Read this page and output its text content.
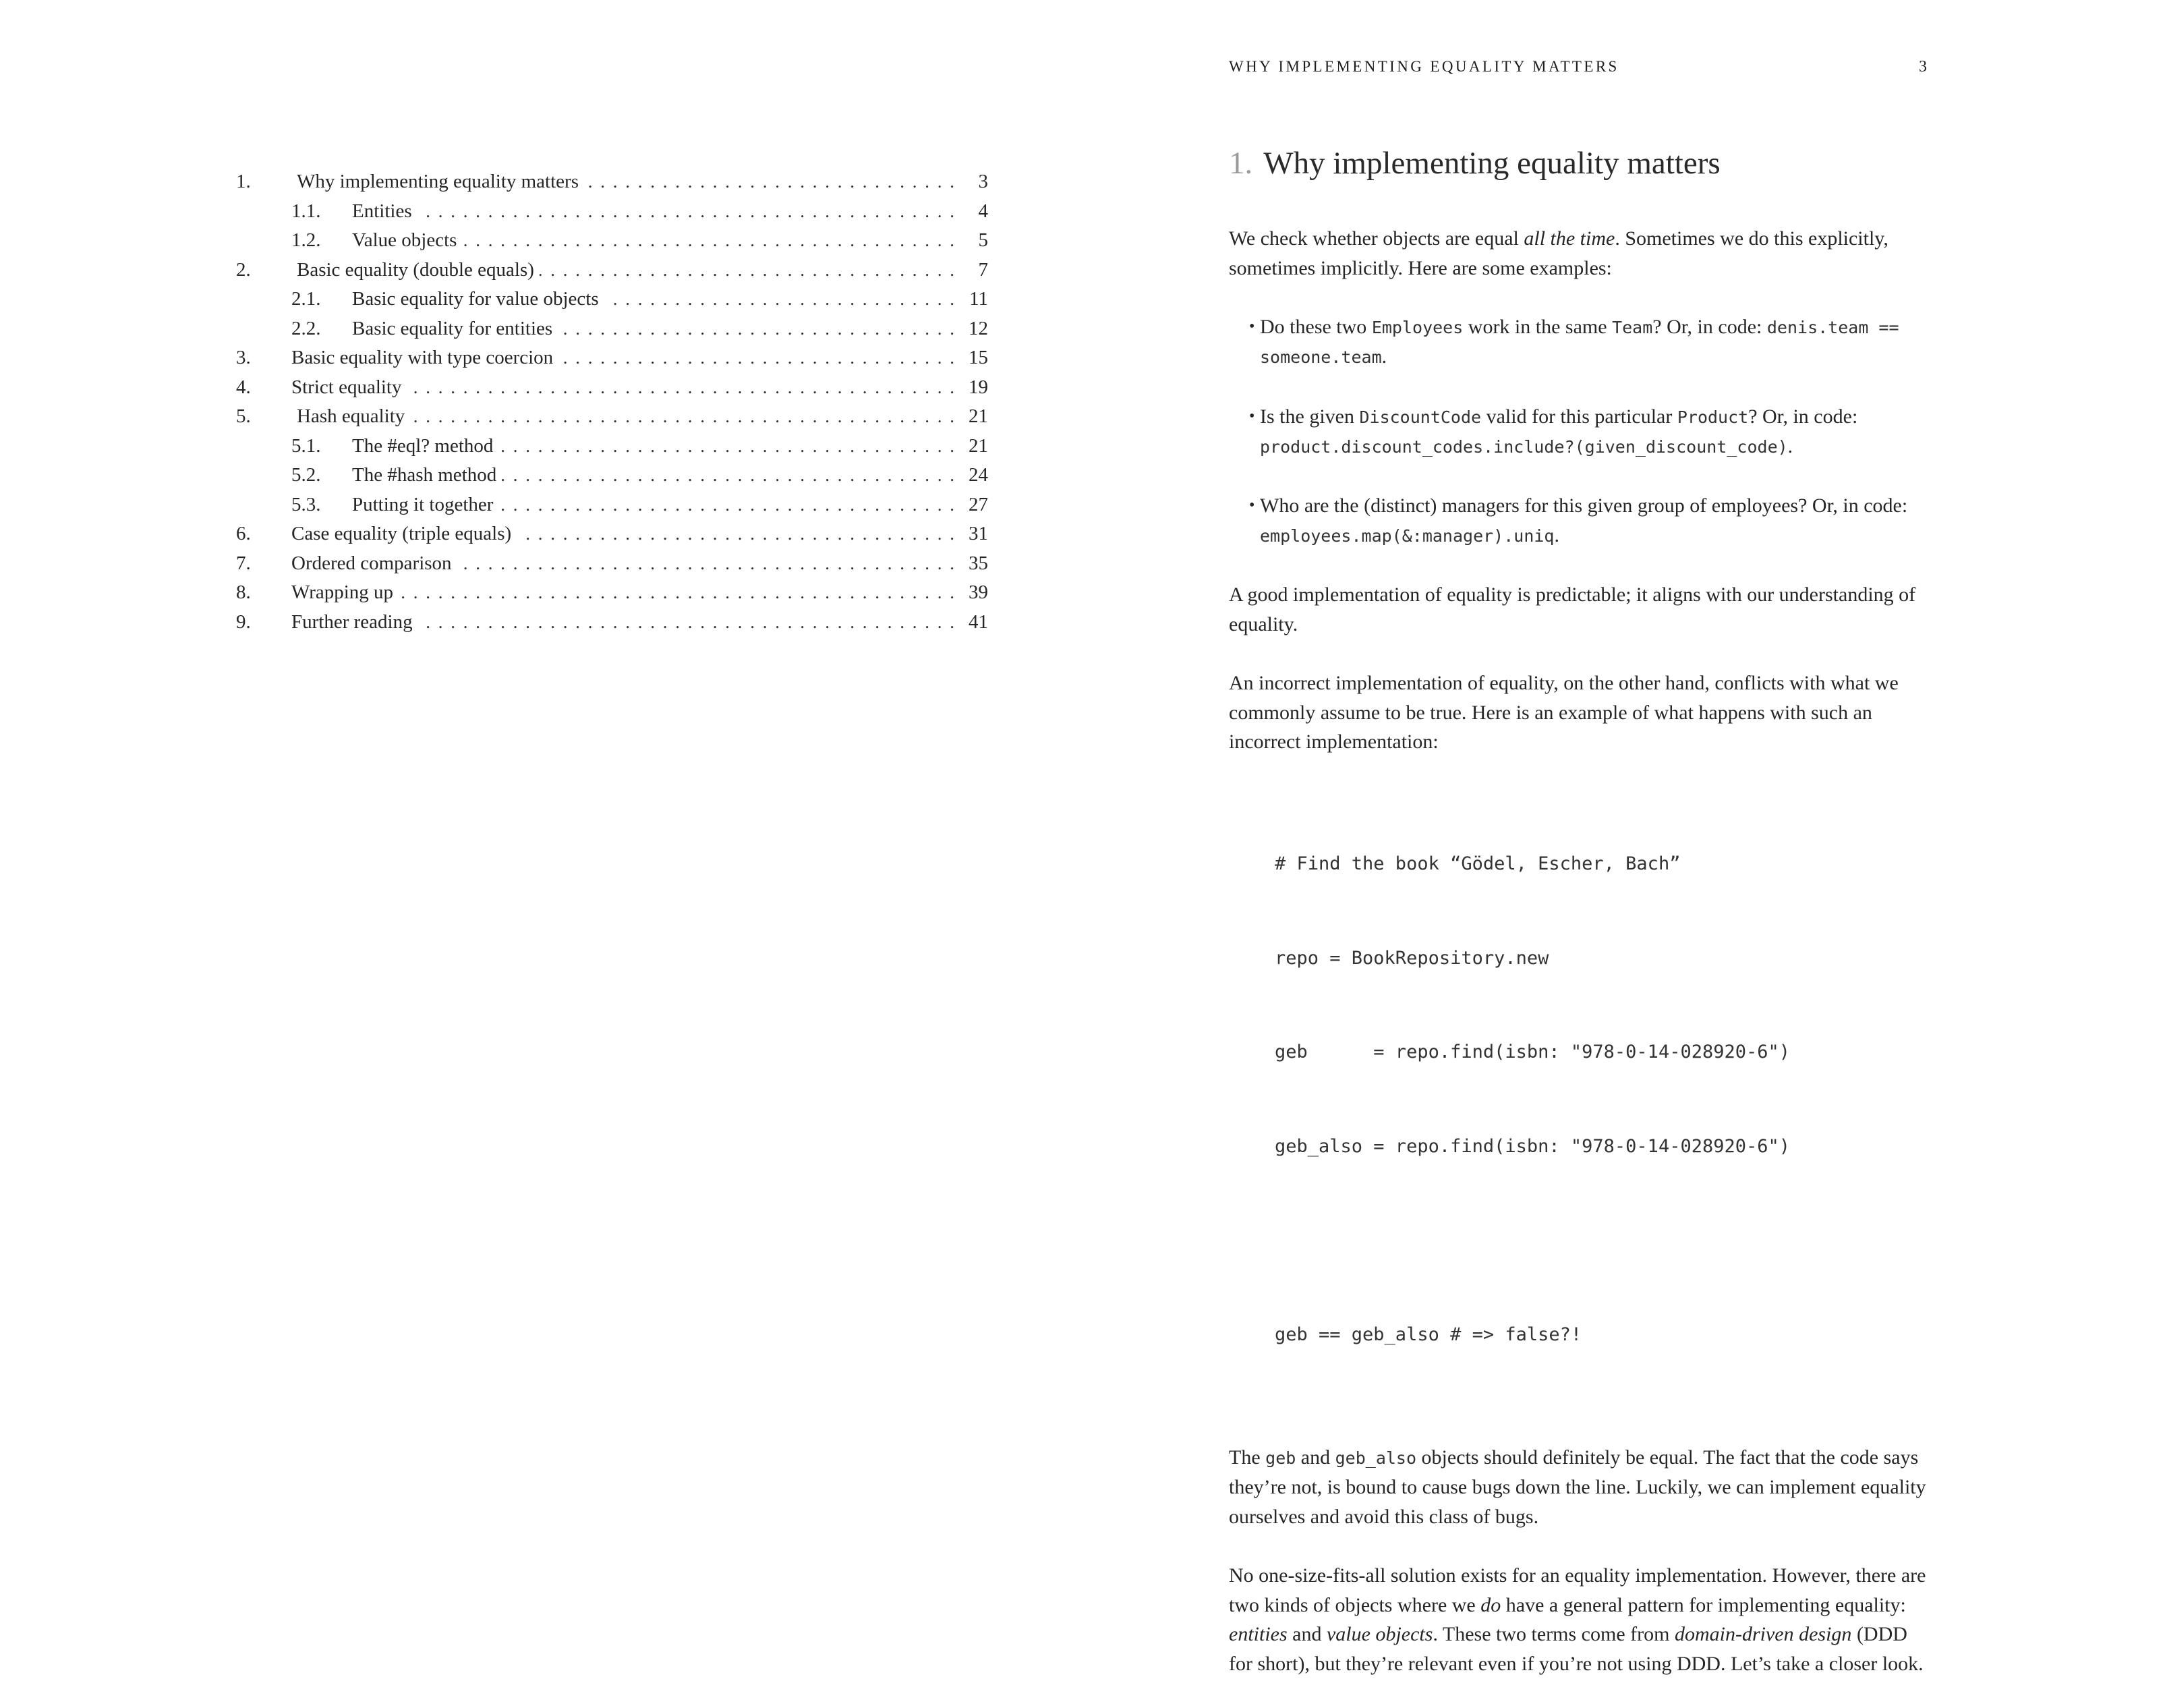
1.	Why implementing equality matters . . .	3
1.1.	Entities . . .	4
1.2.	Value objects . . .	5
2.	Basic equality (double equals) . . .	7
2.1.	Basic equality for value objects . . .	11
2.2.	Basic equality for entities . . .	12
3.	Basic equality with type coercion . . .	15
4.	Strict equality . . .	19
5.	Hash equality . . .	21
5.1.	The #eql? method . . .	21
5.2.	The #hash method . . .	24
5.3.	Putting it together . . .	27
6.	Case equality (triple equals) . . .	31
7.	Ordered comparison . . .	35
8.	Wrapping up . . .	39
9.	Further reading . . .	41
WHY IMPLEMENTING EQUALITY MATTERS	3
1. Why implementing equality matters

We check whether objects are equal all the time. Sometimes we do this explicitly, sometimes implicitly. Here are some examples:

• Do these two Employees work in the same Team? Or, in code: denis.team == someone.team.
• Is the given DiscountCode valid for this particular Product? Or, in code: product.discount_codes.include?(given_discount_code).
• Who are the (distinct) managers for this given group of employees? Or, in code: employees.map(&:manager).uniq.

A good implementation of equality is predictable; it aligns with our understanding of equality.

An incorrect implementation of equality, on the other hand, conflicts with what we commonly assume to be true. Here is an example of what happens with such an incorrect implementation:

# Find the book “Gödel, Escher, Bach”

repo = BookRepository.new

geb      = repo.find(isbn: "978-0-14-028920-6")

geb_also = repo.find(isbn: "978-0-14-028920-6")

geb == geb_also # => false?!

The geb and geb_also objects should definitely be equal. The fact that the code says they’re not, is bound to cause bugs down the line. Luckily, we can implement equality ourselves and avoid this class of bugs.

No one-size-fits-all solution exists for an equality implementation. However, there are two kinds of objects where we do have a general pattern for implementing equality: entities and value objects. These two terms come from domain-driven design (DDD for short), but they’re relevant even if you’re not using DDD. Let’s take a closer look.
